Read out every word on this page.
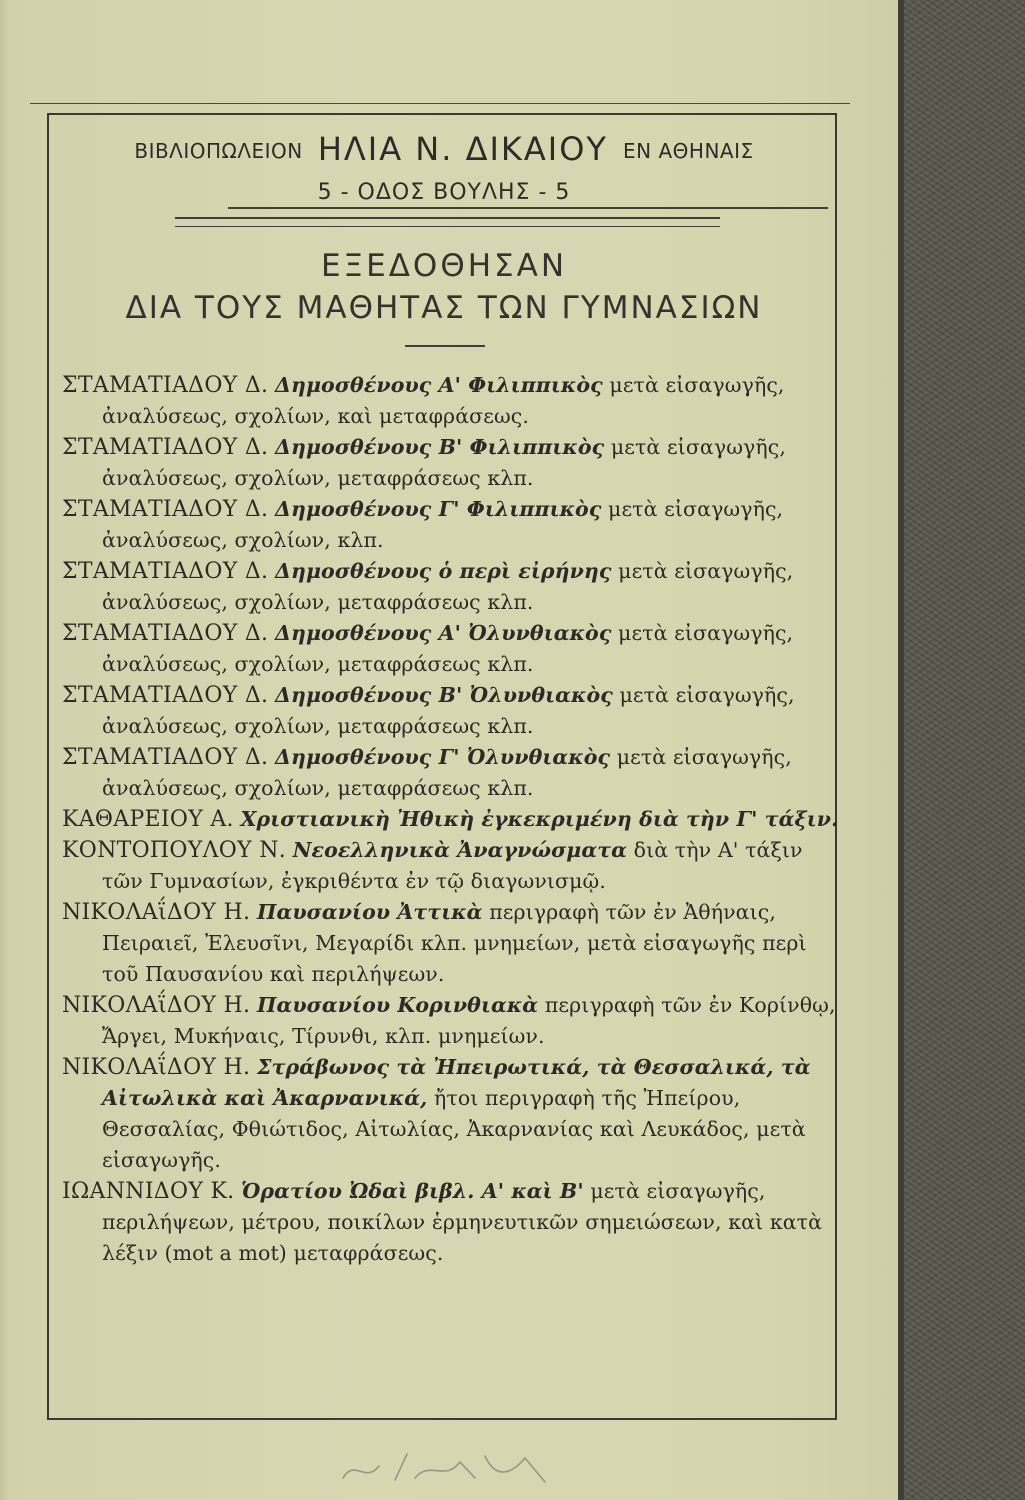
ΒΙΒΛΙΟΠΩΛΕΙΟΝ ΗΛΙΑ Ν. ΔΙΚΑΙΟΥ ΕΝ ΑΘΗΝΑΙΣ
5 - ΟΔΟΣ ΒΟΥΛΗΣ - 5
ΕΞΕΔΟΘΗΣΑΝ
ΔΙΑ ΤΟΥΣ ΜΑΘΗΤΑΣ ΤΩΝ ΓΥΜΝΑΣΙΩΝ
ΣΤΑΜΑΤΙΑΔΟΥ Δ. Δημοσθένους Α' Φιλιππικὸς μετὰ εἰσαγωγῆς, ἀναλύσεως, σχολίων, καὶ μεταφράσεως.
ΣΤΑΜΑΤΙΑΔΟΥ Δ. Δημοσθένους Β' Φιλιππικὸς μετὰ εἰσαγωγῆς, ἀναλύσεως, σχολίων, μεταφράσεως κλπ.
ΣΤΑΜΑΤΙΑΔΟΥ Δ. Δημοσθένους Γ' Φιλιππικὸς μετὰ εἰσαγωγῆς, ἀναλύσεως, σχολίων, κλπ.
ΣΤΑΜΑΤΙΑΔΟΥ Δ. Δημοσθένους ὁ περὶ εἰρήνης μετὰ εἰσαγωγῆς, ἀναλύσεως, σχολίων, μεταφράσεως κλπ.
ΣΤΑΜΑΤΙΑΔΟΥ Δ. Δημοσθένους Α' Ὀλυνθιακὸς μετὰ εἰσαγωγῆς, ἀναλύσεως, σχολίων, μεταφράσεως κλπ.
ΣΤΑΜΑΤΙΑΔΟΥ Δ. Δημοσθένους Β' Ὀλυνθιακὸς μετὰ εἰσαγωγῆς, ἀναλύσεως, σχολίων, μεταφράσεως κλπ.
ΣΤΑΜΑΤΙΑΔΟΥ Δ. Δημοσθένους Γ' Ὀλυνθιακὸς μετὰ εἰσαγωγῆς, ἀναλύσεως, σχολίων, μεταφράσεως κλπ.
ΚΑΘΑΡΕΙΟΥ Α. Χριστιανικὴ Ἠθικὴ ἐγκεκριμένη διὰ τὴν Γ' τάξιν.
ΚΟΝΤΟΠΟΥΛΟΥ Ν. Νεοελληνικὰ Ἀναγνώσματα διὰ τὴν Α' τάξιν τῶν Γυμνασίων, ἐγκριθέντα ἐν τῷ διαγωνισμῷ.
ΝΙΚΟΛΑΐΔΟΥ Η. Παυσανίου Ἀττικὰ περιγραφὴ τῶν ἐν Ἀθήναις, Πειραιεῖ, Ἐλευσῖνι, Μεγαρίδι κλπ. μνημείων, μετὰ εἰσαγωγῆς περὶ τοῦ Παυσανίου καὶ περιλήψεων.
ΝΙΚΟΛΑΐΔΟΥ Η. Παυσανίου Κορινθιακὰ περιγραφὴ τῶν ἐν Κορίνθῳ, Ἄργει, Μυκήναις, Τίρυνθι, κλπ. μνημείων.
ΝΙΚΟΛΑΐΔΟΥ Η. Στράβωνος τὰ Ἠπειρωτικά, τὰ Θεσσαλικά, τὰ Αἰτωλικὰ καὶ Ἀκαρνανικά, ἤτοι περιγραφὴ τῆς Ἠπείρου, Θεσσαλίας, Φθιώτιδος, Αἰτωλίας, Ἀκαρνανίας καὶ Λευκάδος, μετὰ εἰσαγωγῆς.
ΙΩΑΝΝΙΔΟΥ Κ. Ὁρατίου Ὠδαὶ βιβλ. Α' καὶ Β' μετὰ εἰσαγωγῆς, περιλήψεων, μέτρου, ποικίλων ἑρμηνευτικῶν σημειώσεων, καὶ κατὰ λέξιν (mot a mot) μεταφράσεως.
